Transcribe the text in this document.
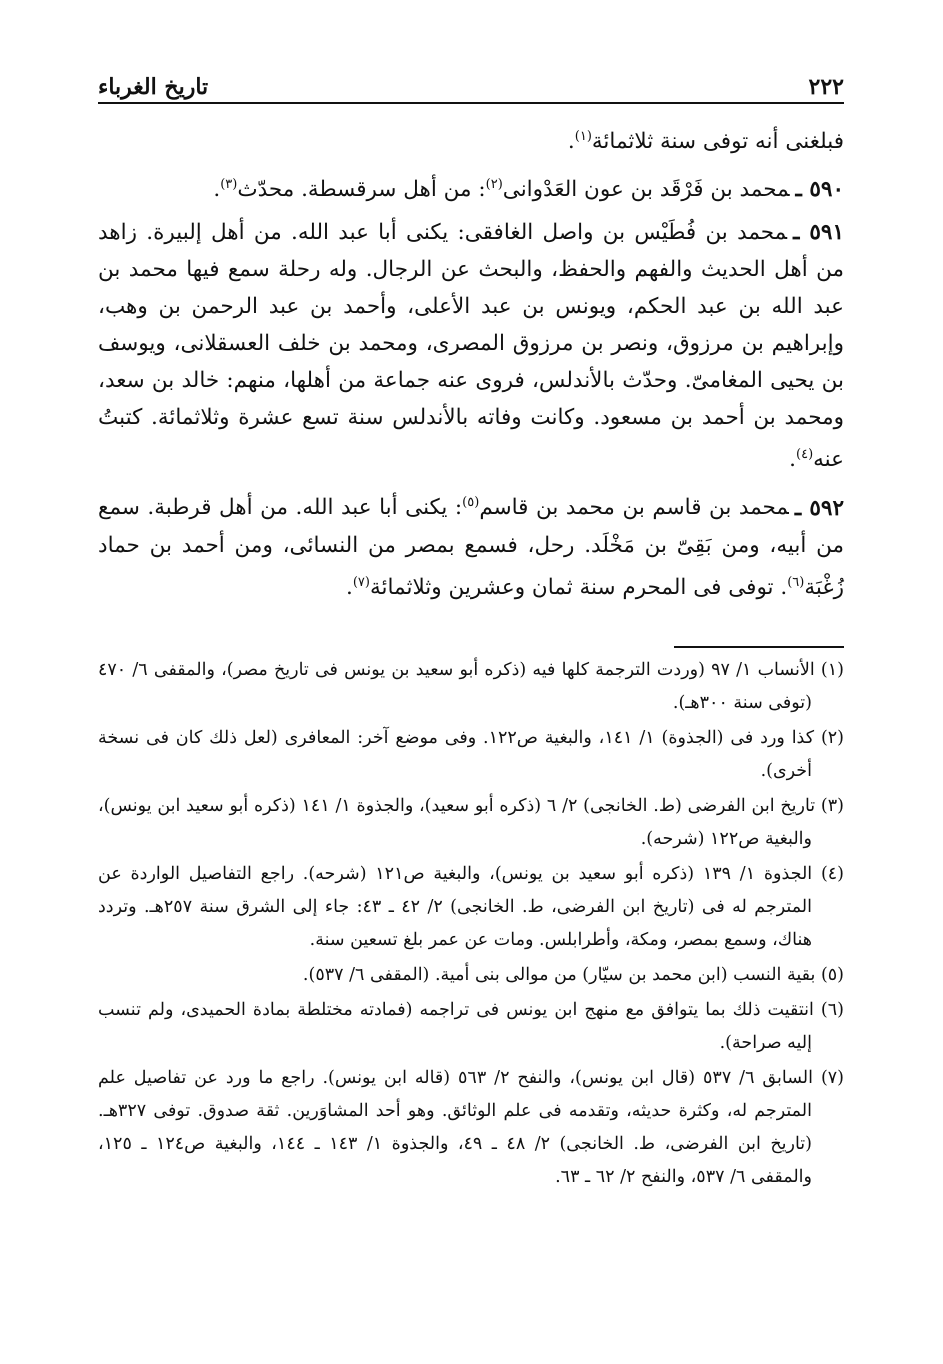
٢٢٢
تاريخ الغرباء

فبلغنى أنه توفى سنة ثلاثمائة$^{(١)}$.

٥٩٠ ـمحمد بن فَرْقَد بن عون العَدْوانى$^{(٢)}$: من أهل سرقسطة. محدّث$^{(٣)}$.

٥٩١ ـمحمد بن فُطَيْس بن واصل الغافقى: يكنى أبا عبد الله. من أهل إلبيرة. زاهد من أهل الحديث والفهم والحفظ، والبحث عن الرجال. وله رحلة سمع فيها محمد بن عبد الله بن عبد الحكم، ويونس بن عبد الأعلى، وأحمد بن عبد الرحمن بن وهب، وإبراهيم بن مرزوق، ونصر بن مرزوق المصرى، ومحمد بن خلف العسقلانى، ويوسف بن يحيى المغامىّ. وحدّث بالأندلس، فروى عنه جماعة من أهلها، منهم: خالد بن سعد، ومحمد بن أحمد بن مسعود. وكانت وفاته بالأندلس سنة تسع عشرة وثلاثمائة. كتبتُ عنه$^{(٤)}$.

٥٩٢ ـمحمد بن قاسم بن محمد بن قاسم$^{(٥)}$: يكنى أبا عبد الله. من أهل قرطبة. سمع من أبيه، ومن بَقِىّ بن مَخْلَد. رحل، فسمع بمصر من النسائى، ومن أحمد بن حماد زُغْبَة$^{(٦)}$. توفى فى المحرم سنة ثمان وعشرين وثلاثمائة$^{(٧)}$.

(١) الأنساب ١/ ٩٧ (وردت الترجمة كلها فيه (ذكره أبو سعيد بن يونس فى تاريخ مصر)، والمقفى ٦/ ٤٧٠ (توفى سنة ٣٠٠هـ).

(٢) كذا ورد فى (الجذوة) ١/ ١٤١، والبغية ص١٢٢. وفى موضع آخر: المعافرى (لعل ذلك كان فى نسخة أخرى).

(٣) تاريخ ابن الفرضى (ط. الخانجى) ٢/ ٦ (ذكره أبو سعيد)، والجذوة ١/ ١٤١ (ذكره أبو سعيد ابن يونس)، والبغية ص١٢٢ (شرحه).

(٤) الجذوة ١/ ١٣٩ (ذكره أبو سعيد بن يونس)، والبغية ص١٢١ (شرحه). راجع التفاصيل الواردة عن المترجم له فى (تاريخ ابن الفرضى، ط. الخانجى) ٢/ ٤٢ ـ ٤٣: جاء إلى الشرق سنة ٢٥٧هـ. وتردد هناك، وسمع بمصر، ومكة، وأطرابلس. ومات عن عمر بلغ تسعين سنة.

(٥) بقية النسب (ابن محمد بن سيّار) من موالى بنى أمية. (المقفى ٦/ ٥٣٧).

(٦) انتقيت ذلك بما يتوافق مع منهج ابن يونس فى تراجمه (فمادته مختلطة بمادة الحميدى، ولم تنسب إليه صراحة).

(٧) السابق ٦/ ٥٣٧ (قال ابن يونس)، والنفح ٢/ ٥٦٣ (قاله ابن يونس). راجع ما ورد عن تفاصيل علم المترجم له، وكثرة حديثه، وتقدمه فى علم الوثائق. وهو أحد المشاوَرين. ثقة صدوق. توفى ٣٢٧هـ. (تاريخ ابن الفرضى، ط. الخانجى) ٢/ ٤٨ ـ ٤٩، والجذوة ١/ ١٤٣ ـ ١٤٤، والبغية ص١٢٤ ـ ١٢٥، والمقفى ٦/ ٥٣٧، والنفح ٢/ ٦٢ ـ ٦٣.
